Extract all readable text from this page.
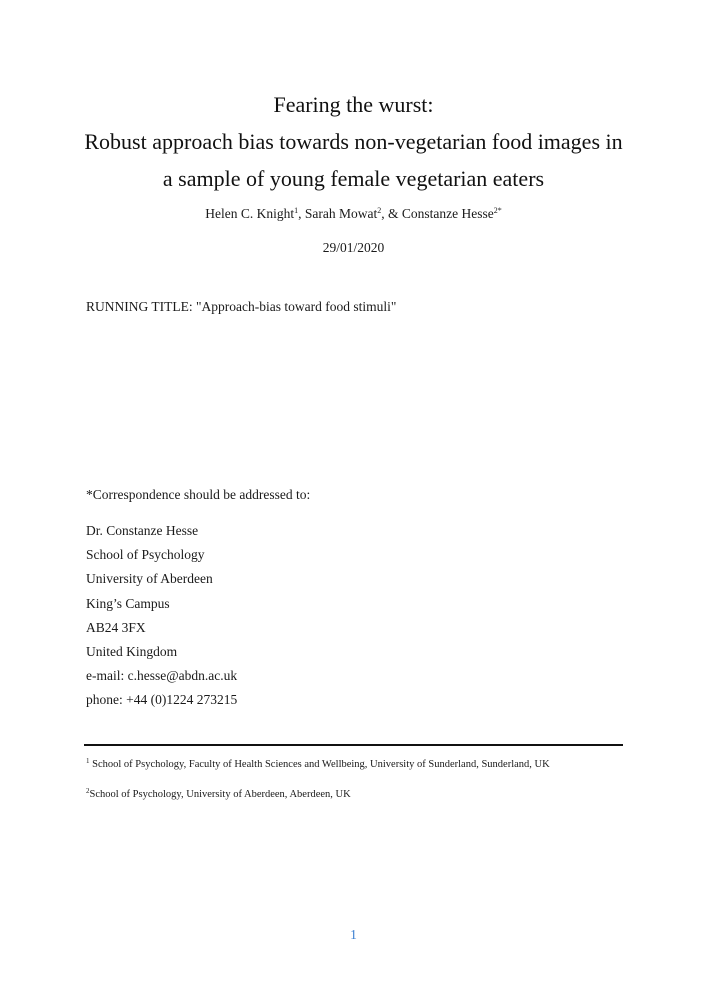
Fearing the wurst:

Robust approach bias towards non-vegetarian food images in

a sample of young female vegetarian eaters

Helen C. Knight$^1$, Sarah Mowat$^2$, & Constanze Hesse$^{2*}$
29/01/2020
RUNNING TITLE: "Approach-bias toward food stimuli"
*Correspondence should be addressed to:
Dr. Constanze Hesse
School of Psychology
University of Aberdeen
King’s Campus
AB24 3FX
United Kingdom
e-mail: c.hesse@abdn.ac.uk
phone: +44 (0)1224 273215
$^1$ School of Psychology, Faculty of Health Sciences and Wellbeing, University of Sunderland, Sunderland, UK
$^2$School of Psychology, University of Aberdeen, Aberdeen, UK
1
